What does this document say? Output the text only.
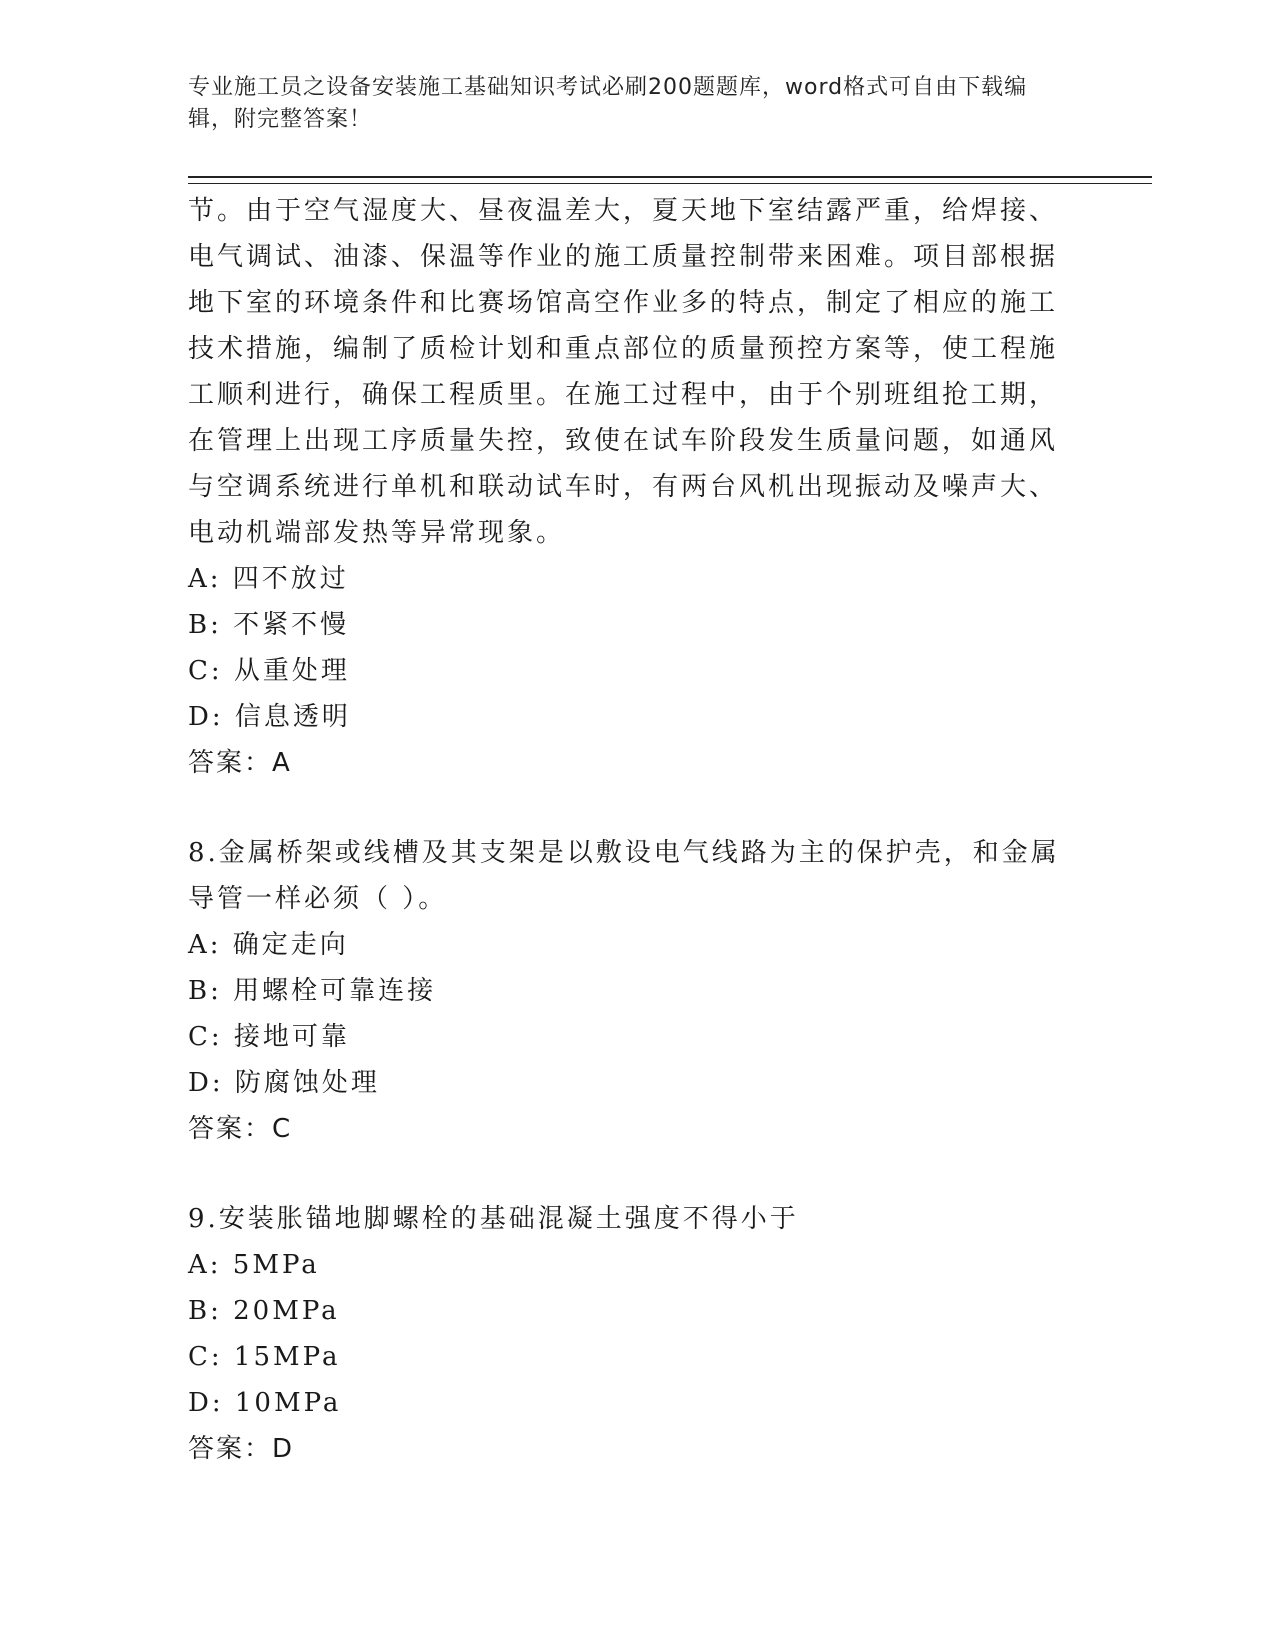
专业施工员之设备安装施工基础知识考试必刷200题题库，word格式可自由下载编辑，附完整答案！
节。由于空气湿度大、昼夜温差大，夏天地下室结露严重，给焊接、
电气调试、油漆、保温等作业的施工质量控制带来困难。项目部根据
地下室的环境条件和比赛场馆高空作业多的特点，制定了相应的施工
技术措施，编制了质检计划和重点部位的质量预控方案等，使工程施
工顺利进行，确保工程质里。在施工过程中，由于个别班组抢工期，
在管理上出现工序质量失控，致使在试车阶段发生质量问题，如通风
与空调系统进行单机和联动试车时，有两台风机出现振动及噪声大、
电动机端部发热等异常现象。
A: 四不放过
B: 不紧不慢
C: 从重处理
D: 信息透明
答案：A
8.金属桥架或线槽及其支架是以敷设电气线路为主的保护壳，和金属
导管一样必须（ ）。
A: 确定走向
B: 用螺栓可靠连接
C: 接地可靠
D: 防腐蚀处理
答案：C
9.安装胀锚地脚螺栓的基础混凝土强度不得小于
A: 5MPa
B: 20MPa
C: 15MPa
D: 10MPa
答案：D
